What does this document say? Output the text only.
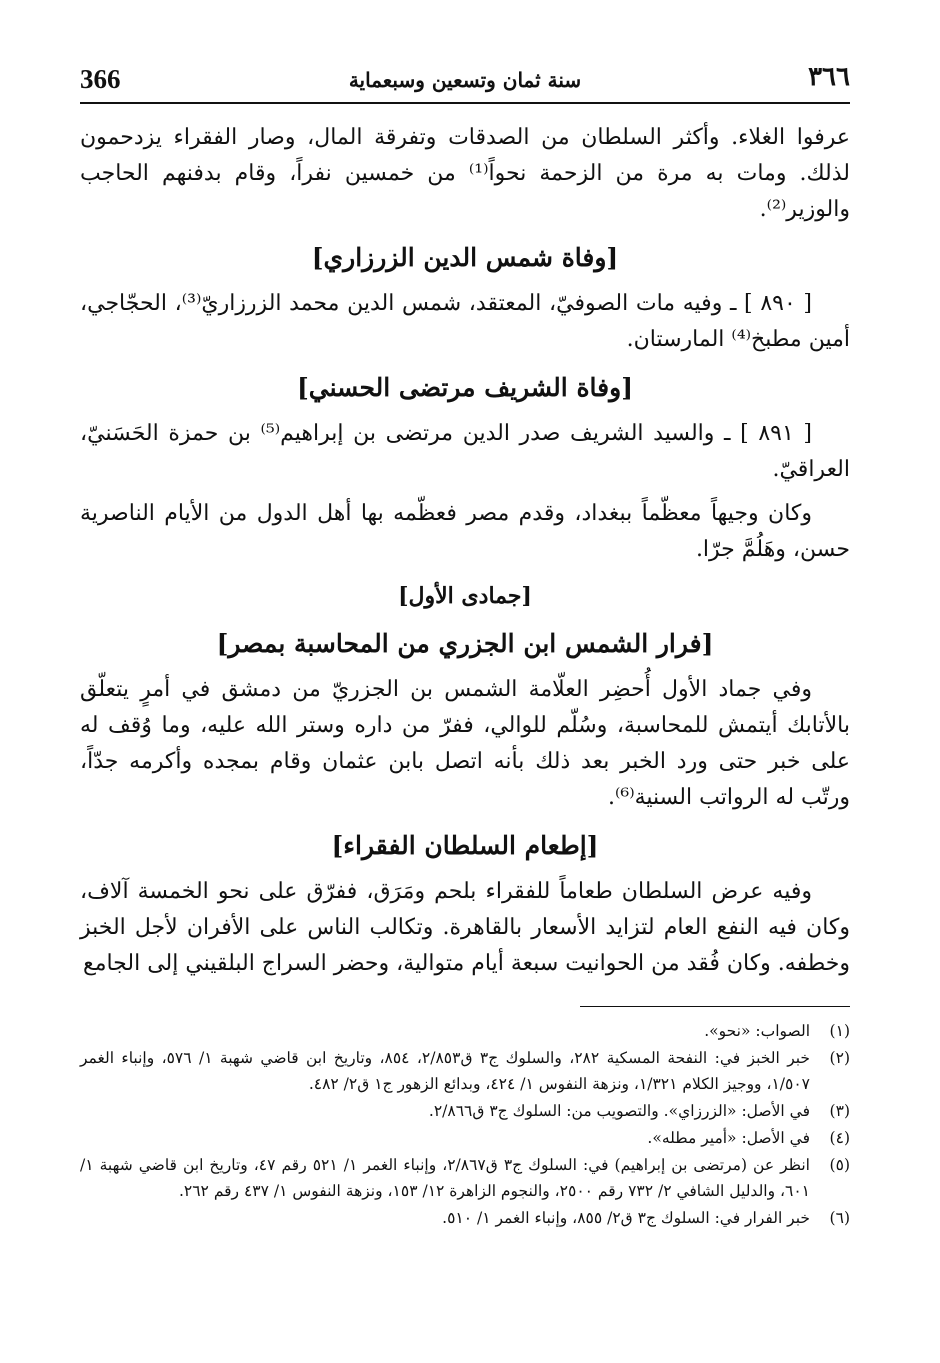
366	سنة ثمان وتسعين وسبعماية	٣٦٦

عرفوا الغلاء. وأكثر السلطان من الصدقات وتفرقة المال، وصار الفقراء يزدحمون لذلك. ومات به مرة من الزحمة نحواً⁽¹⁾ من خمسين نفراً، وقام بدفنهم الحاجب والوزير⁽²⁾.

[وفاة شمس الدين الزرزاري]

[ ٨٩٠ ] ـ وفيه مات الصوفيّ، المعتقد، شمس الدين محمد الزرزاريّ⁽³⁾، الحجّاجي، أمين مطبخ⁽⁴⁾ المارستان.

[وفاة الشريف مرتضى الحسني]

[ ٨٩١ ] ـ والسيد الشريف صدر الدين مرتضى بن إبراهيم⁽⁵⁾ بن حمزة الحَسَنيّ، العراقيّ.

وكان وجيهاً معظّماً ببغداد، وقدم مصر فعظّمه بها أهل الدول من الأيام الناصرية حسن، وهَلُمَّ جرّا.

[جمادى الأول]
[فرار الشمس ابن الجزري من المحاسبة بمصر]

وفي جماد الأول أُحضِر العلّامة الشمس بن الجزريّ من دمشق في أمرٍ يتعلّق بالأتابك أيتمش للمحاسبة، وسُلّم للوالي، ففرّ من داره وستر الله عليه، وما وُقف له على خبر حتى ورد الخبر بعد ذلك بأنه اتصل بابن عثمان وقام بمجده وأكرمه جدّاً، ورتّب له الرواتب السنية⁽⁶⁾.

[إطعام السلطان الفقراء]

وفيه عرض السلطان طعاماً للفقراء بلحم ومَرَق، ففرّق على نحو الخمسة آلاف، وكان فيه النفع العام لتزايد الأسعار بالقاهرة. وتكالب الناس على الأفران لأجل الخبز وخطفه. وكان فُقد من الحوانيت سبعة أيام متوالية، وحضر السراج البلقيني إلى الجامع

(١)
الصواب: «نحو».
(٢)
خبر الخبز في: النفحة المسكية ٢٨٢، والسلوك ج٣ ق٢/٨٥٣، ٨٥٤، وتاريخ ابن قاضي شهبة ١/ ٥٧٦، وإنباء الغمر ١/٥٠٧، ووجيز الكلام ١/٣٢١، ونزهة النفوس ١/ ٤٢٤، وبدائع الزهور ج١ ق٢/ ٤٨٢.
(٣)
في الأصل: «الزرزاي». والتصويب من: السلوك ج٣ ق٢/٨٦٦.
(٤)
في الأصل: «أمير مطله».
(٥)
انظر عن (مرتضى بن إبراهيم) في: السلوك ج٣ ق٢/٨٦٧، وإنباء الغمر ١/ ٥٢١ رقم ٤٧، وتاريخ ابن قاضي شهبة ١/ ٦٠١، والدليل الشافي ٢/ ٧٣٢ رقم ٢٥٠٠، والنجوم الزاهرة ١٢/ ١٥٣، ونزهة النفوس ١/ ٤٣٧ رقم ٢٦٢.
(٦)
خبر الفرار في: السلوك ج٣ ق٢/ ٨٥٥، وإنباء الغمر ١/ ٥١٠.
